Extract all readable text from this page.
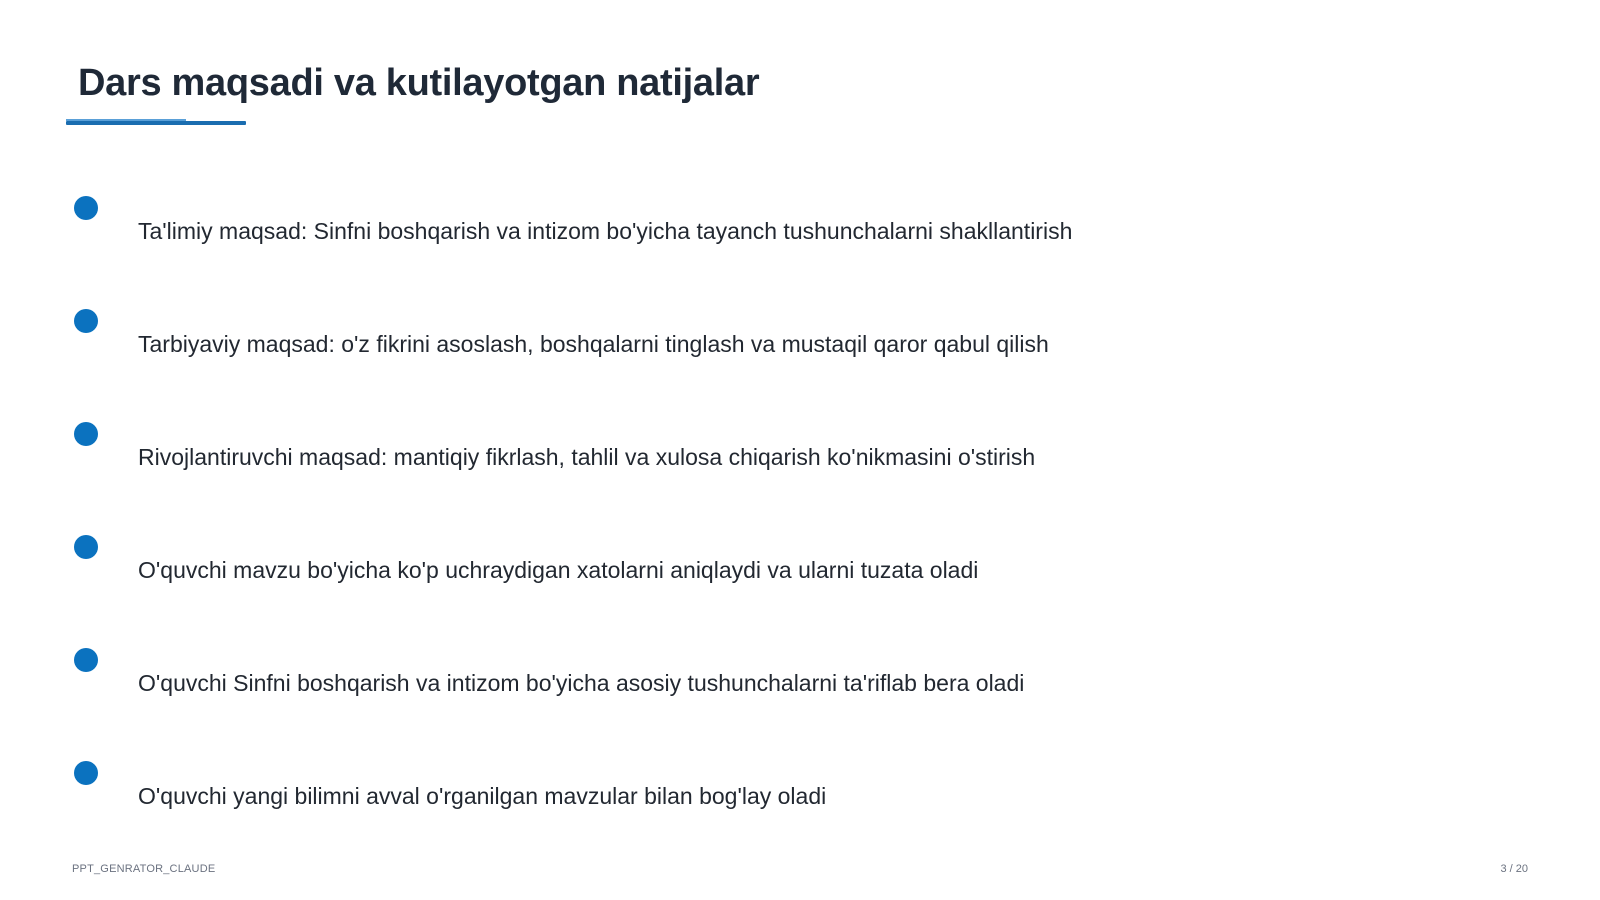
Dars maqsadi va kutilayotgan natijalar
Ta'limiy maqsad: Sinfni boshqarish va intizom bo'yicha tayanch tushunchalarni shakllantirish
Tarbiyaviy maqsad: o'z fikrini asoslash, boshqalarni tinglash va mustaqil qaror qabul qilish
Rivojlantiruvchi maqsad: mantiqiy fikrlash, tahlil va xulosa chiqarish ko'nikmasini o'stirish
O'quvchi mavzu bo'yicha ko'p uchraydigan xatolarni aniqlaydi va ularni tuzata oladi
O'quvchi Sinfni boshqarish va intizom bo'yicha asosiy tushunchalarni ta'riflab bera oladi
O'quvchi yangi bilimni avval o'rganilgan mavzular bilan bog'lay oladi
PPT_GENRATOR_CLAUDE	3 / 20
